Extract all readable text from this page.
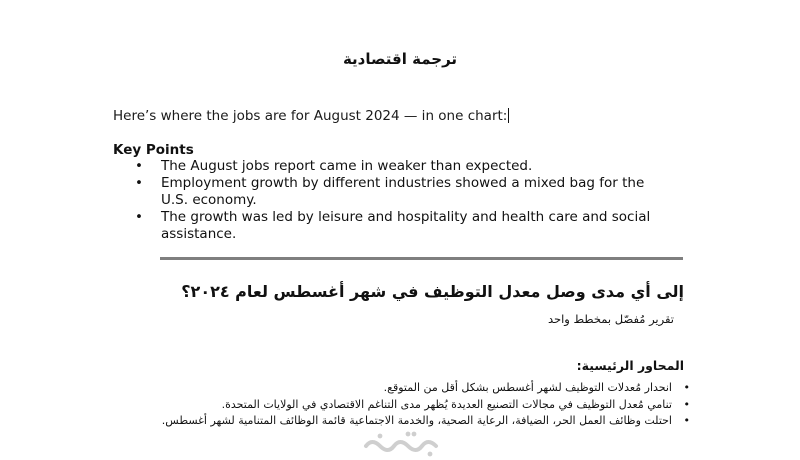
ترجمة اقتصادية
Here’s where the jobs are for August 2024 — in one chart:
Key Points
• The August jobs report came in weaker than expected.
• Employment growth by different industries showed a mixed bag for the U.S. economy.
• The growth was led by leisure and hospitality and health care and social assistance.
إلى أي مدى وصل معدل التوظيف في شهر أغسطس لعام ٢٠٢٤؟
تقرير مُفصّل بمخطط واحد
المحاور الرئيسية:
•
انحدار مُعدلات التوظيف لشهر أغسطس بشكل أقل من المتوقع.
•
تنامي مُعدل التوظيف في مجالات التصنيع العديدة يُظهر مدى التناغم الاقتصادي في الولايات المتحدة.
•
احتلت وظائف العمل الحر، الضيافة، الرعاية الصحية، والخدمة الاجتماعية قائمة الوظائف المتنامية لشهر أغسطس.
